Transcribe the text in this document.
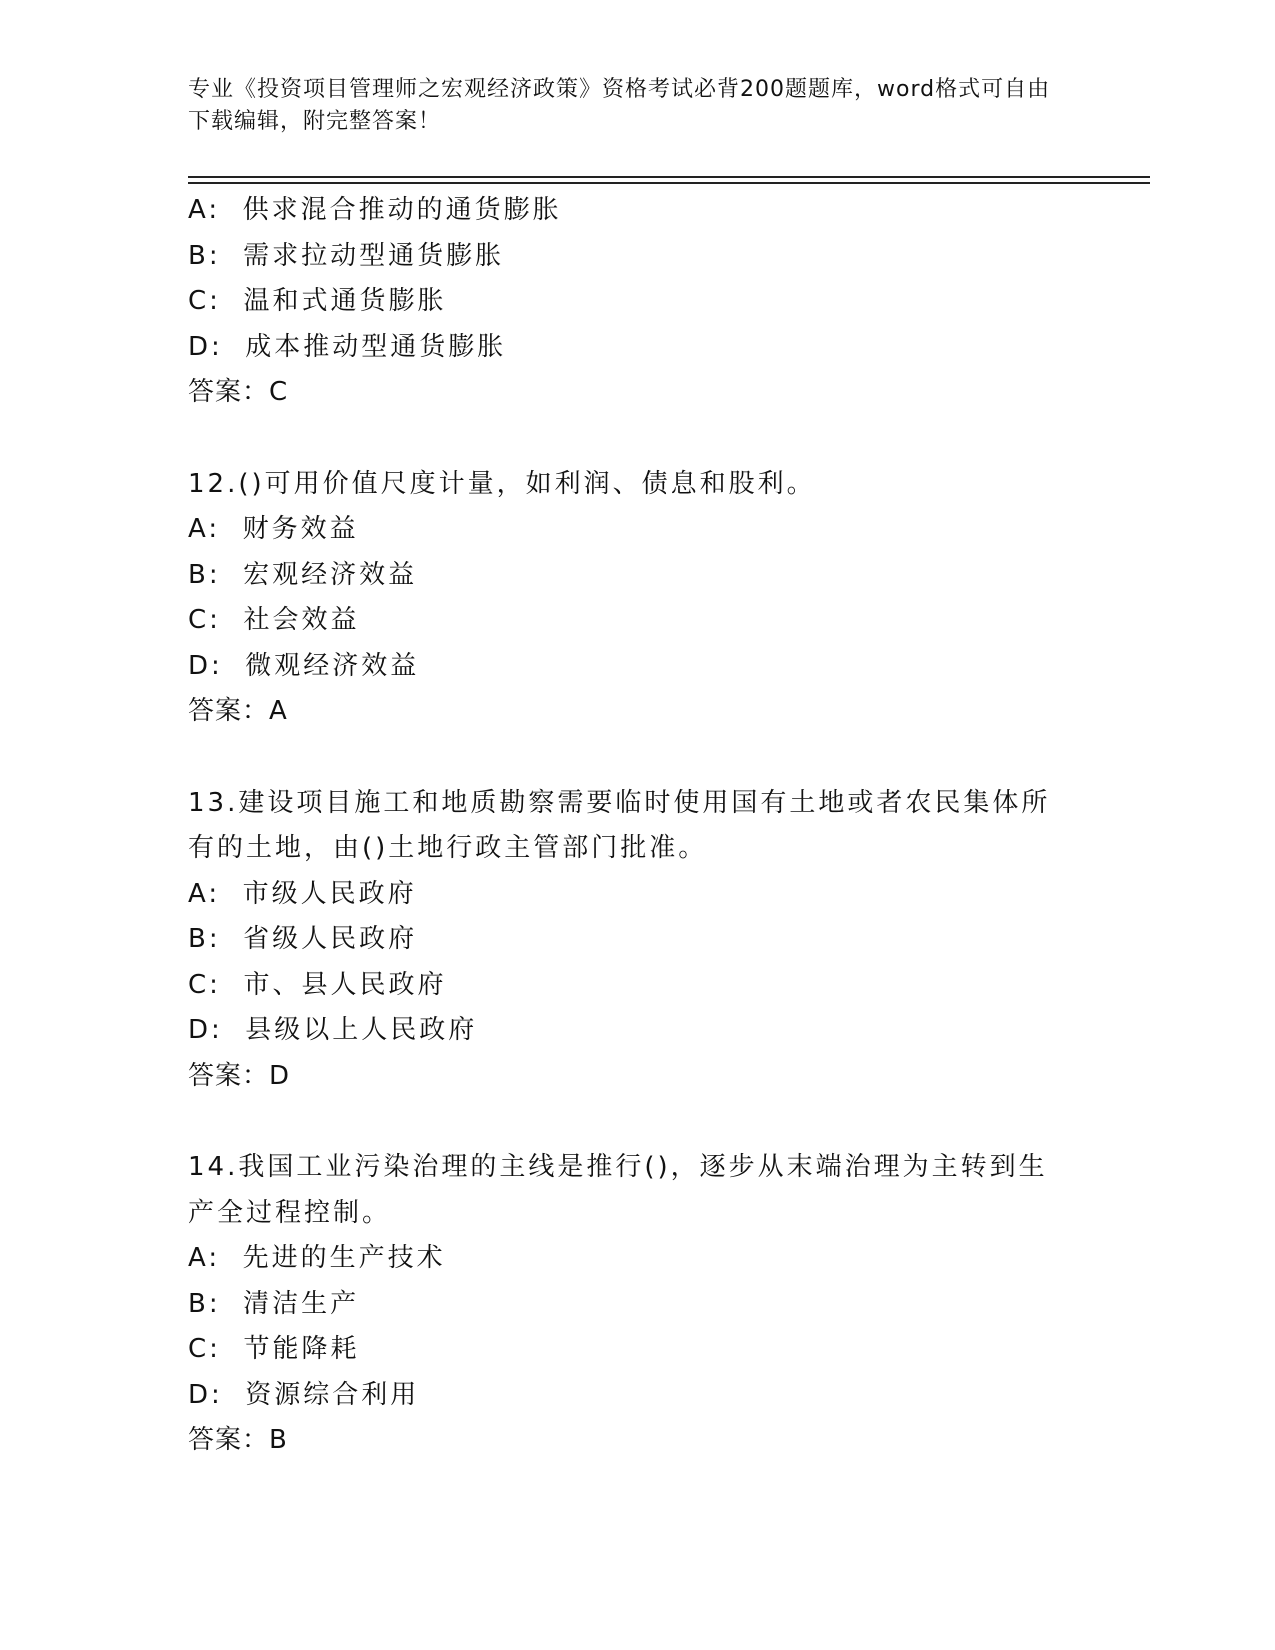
专业《投资项目管理师之宏观经济政策》资格考试必背200题题库，word格式可自由下载编辑，附完整答案！
A:  供求混合推动的通货膨胀
B:  需求拉动型通货膨胀
C:  温和式通货膨胀
D:  成本推动型通货膨胀
答案：C
12.()可用价值尺度计量，如利润、债息和股利。
A:  财务效益
B:  宏观经济效益
C:  社会效益
D:  微观经济效益
答案：A
13.建设项目施工和地质勘察需要临时使用国有土地或者农民集体所有的土地，由()土地行政主管部门批准。
A:  市级人民政府
B:  省级人民政府
C:  市、县人民政府
D:  县级以上人民政府
答案：D
14.我国工业污染治理的主线是推行()，逐步从末端治理为主转到生产全过程控制。
A:  先进的生产技术
B:  清洁生产
C:  节能降耗
D:  资源综合利用
答案：B
